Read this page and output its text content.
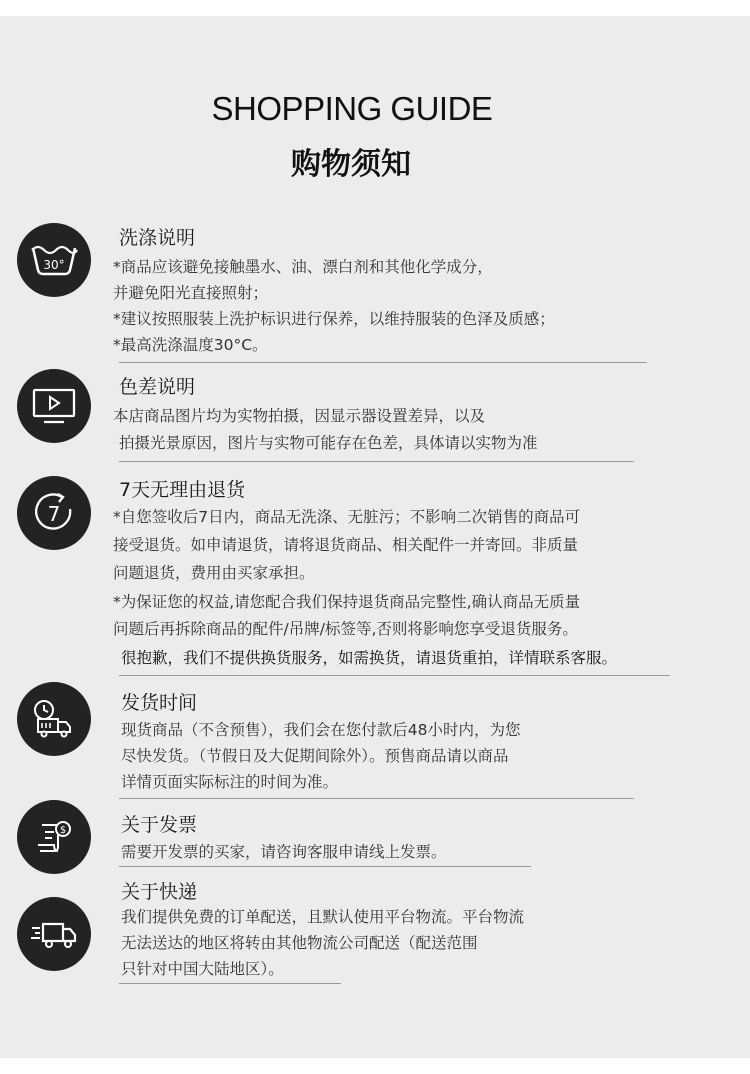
SHOPPING GUIDE
购物须知
30°
洗涤说明
*商品应该避免接触墨水、油、漂白剂和其他化学成分，
并避免阳光直接照射；
*建议按照服装上洗护标识进行保养，以维持服装的色泽及质感；
*最高洗涤温度30°C。
色差说明
本店商品图片均为实物拍摄，因显示器设置差异，以及
拍摄光景原因，图片与实物可能存在色差，具体请以实物为准
7
7天无理由退货
*自您签收后7日内，商品无洗涤、无脏污；不影响二次销售的商品可
接受退货。如申请退货，请将退货商品、相关配件一并寄回。非质量
问题退货，费用由买家承担。
*为保证您的权益,请您配合我们保持退货商品完整性,确认商品无质量
问题后再拆除商品的配件/吊牌/标签等,否则将影响您享受退货服务。
很抱歉，我们不提供换货服务，如需换货，请退货重拍，详情联系客服。
发货时间
现货商品（不含预售），我们会在您付款后48小时内，为您
尽快发货。（节假日及大促期间除外）。预售商品请以商品
详情页面实际标注的时间为准。
$	关于发票
需要开发票的买家，请咨询客服申请线上发票。
关于快递
我们提供免费的订单配送，且默认使用平台物流。平台物流
无法送达的地区将转由其他物流公司配送（配送范围
只针对中国大陆地区）。
